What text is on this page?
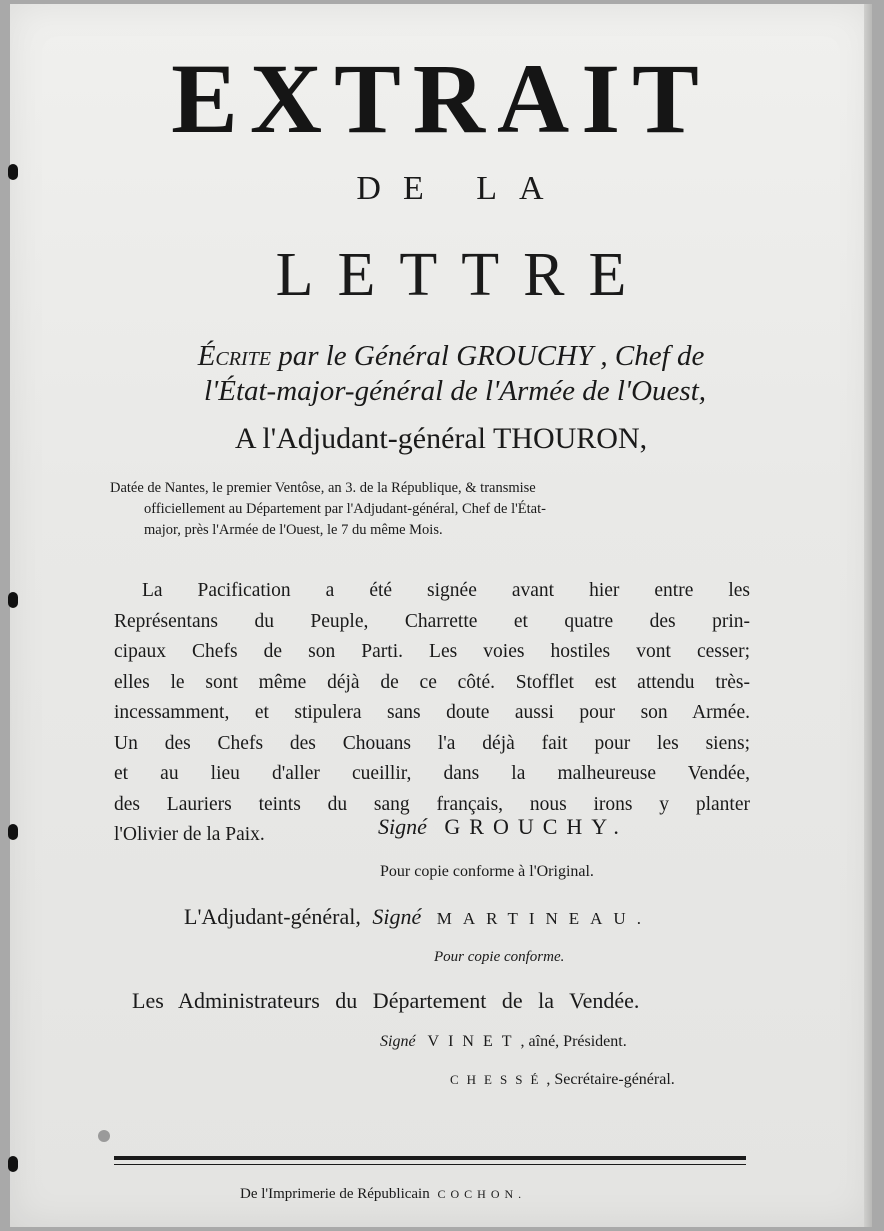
EXTRAIT
DE LA
LETTRE
Écrite par le Général GROUCHY , Chef de
l'État-major-général de l'Armée de l'Ouest,
A l'Adjudant-général THOURON,
Datée de Nantes, le premier Ventôse, an 3. de la République, & transmise
officiellement au Département par l'Adjudant-général, Chef de l'État-
major, près l'Armée de l'Ouest, le 7 du même Mois.
La Pacification a été signée avant hier entre les
Représentans du Peuple, Charrette et quatre des prin-
cipaux Chefs de son Parti. Les voies hostiles vont cesser;
elles le sont même déjà de ce côté. Stofflet est attendu très-
incessamment, et stipulera sans doute aussi pour son Armée.
Un des Chefs des Chouans l'a déjà fait pour les siens;
et au lieu d'aller cueillir, dans la malheureuse Vendée,
des Lauriers teints du sang français, nous irons y planter
l'Olivier de la Paix.	Signé GROUCHY.
Pour copie conforme à l'Original.
L'Adjudant-général, Signé MARTINEAU.
Pour copie conforme.
Les Administrateurs du Département de la Vendée.
Signé VINET, aîné, Président.
CHESSÉ, Secrétaire-général.
De l'Imprimerie de Républicain COCHON.
